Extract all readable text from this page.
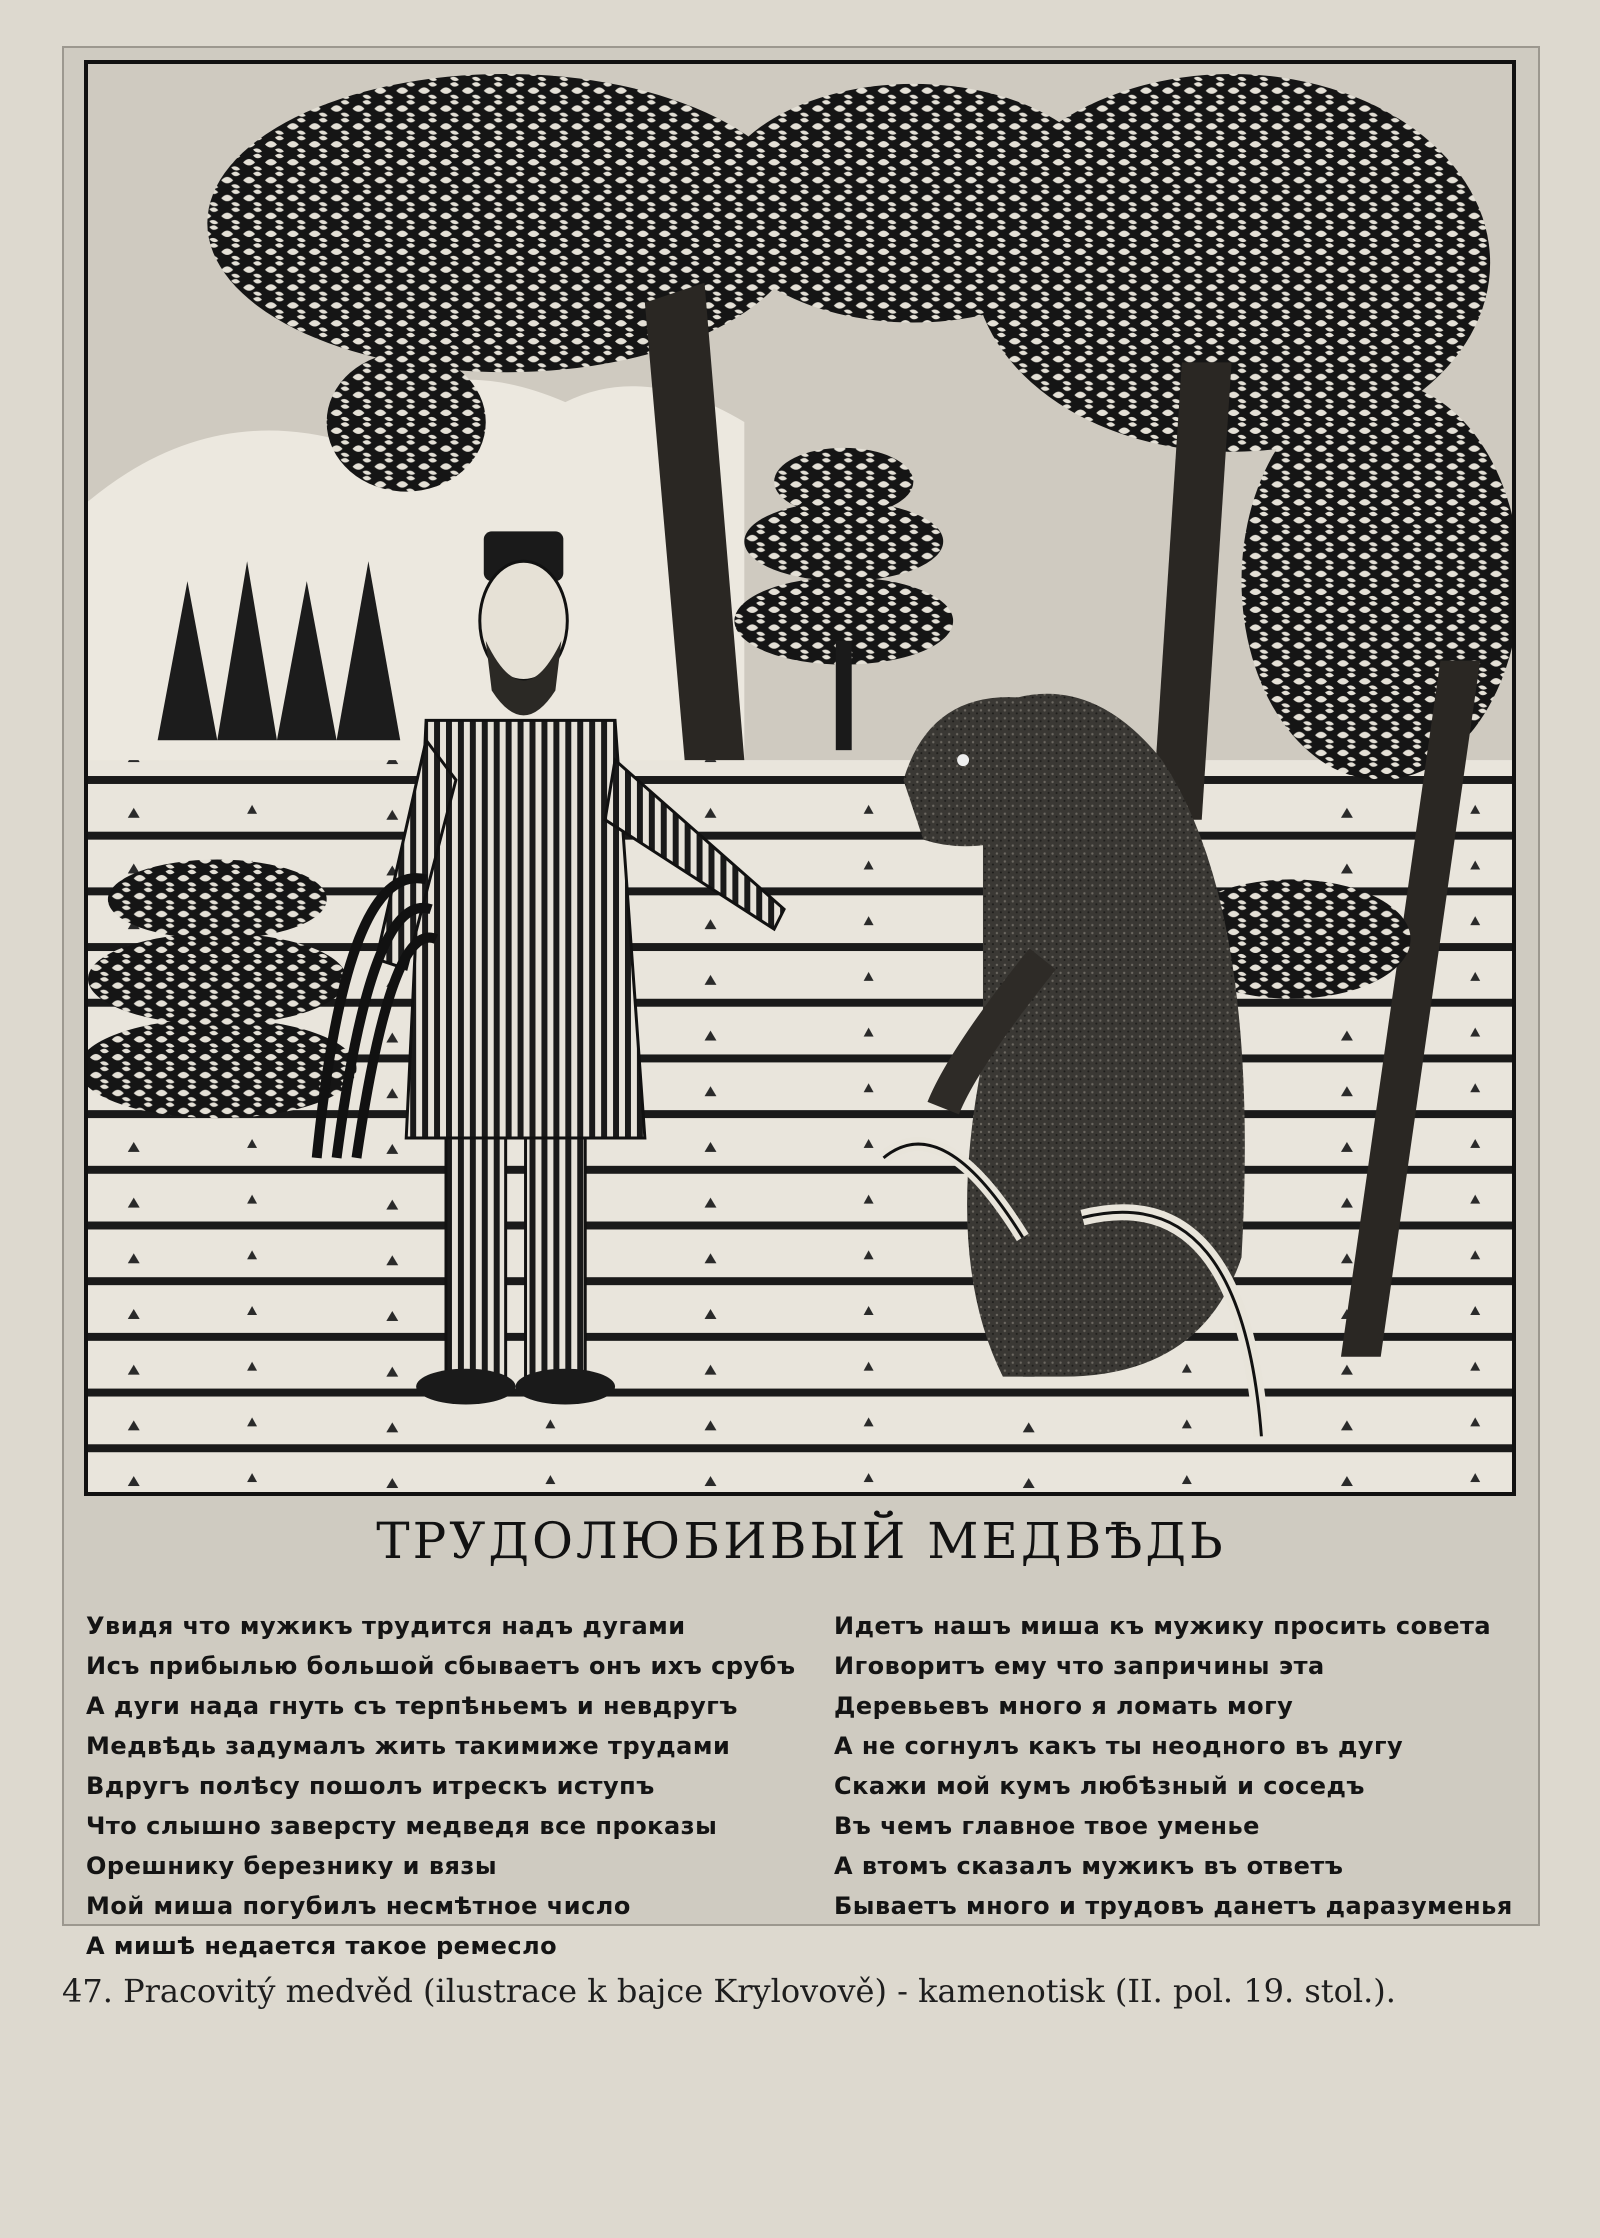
ТРУДОЛЮБИВЫЙ МЕДВѢДЬ
Увидя что мужикъ трудится надъ дугами
Исъ прибылью большой сбываетъ онъ ихъ срубъ
А дуги нада гнуть съ терпѣньемъ и невдругъ
Медвѣдь задумалъ жить такимиже трудами
Вдругъ полѣсу пошолъ итрескъ иступъ
Что слышно заверсту медведя все проказы
Орешнику березнику и вязы
Мой миша погубилъ несмѣтное число
А мишѣ недается такое ремесло
Идетъ нашъ миша къ мужику просить совета
Иговоритъ ему что запричины эта
Деревьевъ много я ломать могу
А не согнулъ какъ ты неодного въ дугу
Скажи мой кумъ любѣзный и соседъ
Въ чемъ главное твое уменье
А втомъ сказалъ мужикъ въ ответъ
Бываетъ много и трудовъ данетъ даразуменья

47. Pracovitý medvěd (ilustrace k bajce Krylovově) - kamenotisk (II. pol. 19. stol.).
